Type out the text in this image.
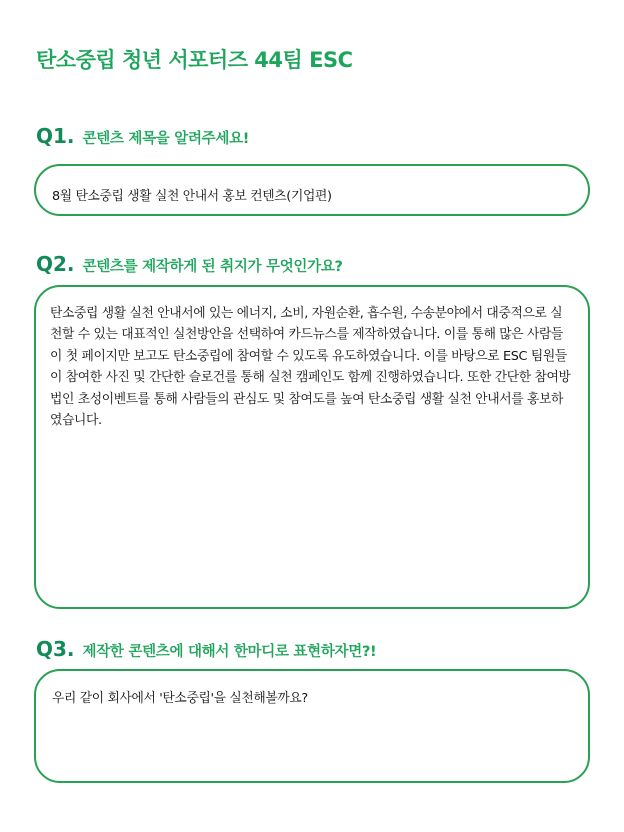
탄소중립 청년 서포터즈 44팀 ESC
Q1. 콘텐츠 제목을 알려주세요!

8월 탄소중립 생활 실천 안내서 홍보 컨텐츠(기업편)

Q2. 콘텐츠를 제작하게 된 취지가 무엇인가요?

탄소중립 생활 실천 안내서에 있는 에너지, 소비, 자원순환, 흡수원, 수송분야에서 대중적으로 실천할 수 있는 대표적인 실천방안을 선택하여 카드뉴스를 제작하였습니다. 이를 통해 많은 사람들이 첫 페이지만 보고도 탄소중립에 참여할 수 있도록 유도하였습니다. 이를 바탕으로 ESC 팀원들이 참여한 사진 및 간단한 슬로건를 통해 실천 캠페인도 함께 진행하였습니다. 또한 간단한 참여방법인 초성이벤트를 통해 사람들의 관심도 및 참여도를 높여 탄소중립 생활 실천 안내서를 홍보하였습니다.

Q3. 제작한 콘텐츠에 대해서 한마디로 표현하자면?!

우리 같이 회사에서 '탄소중립'을 실천해볼까요?
